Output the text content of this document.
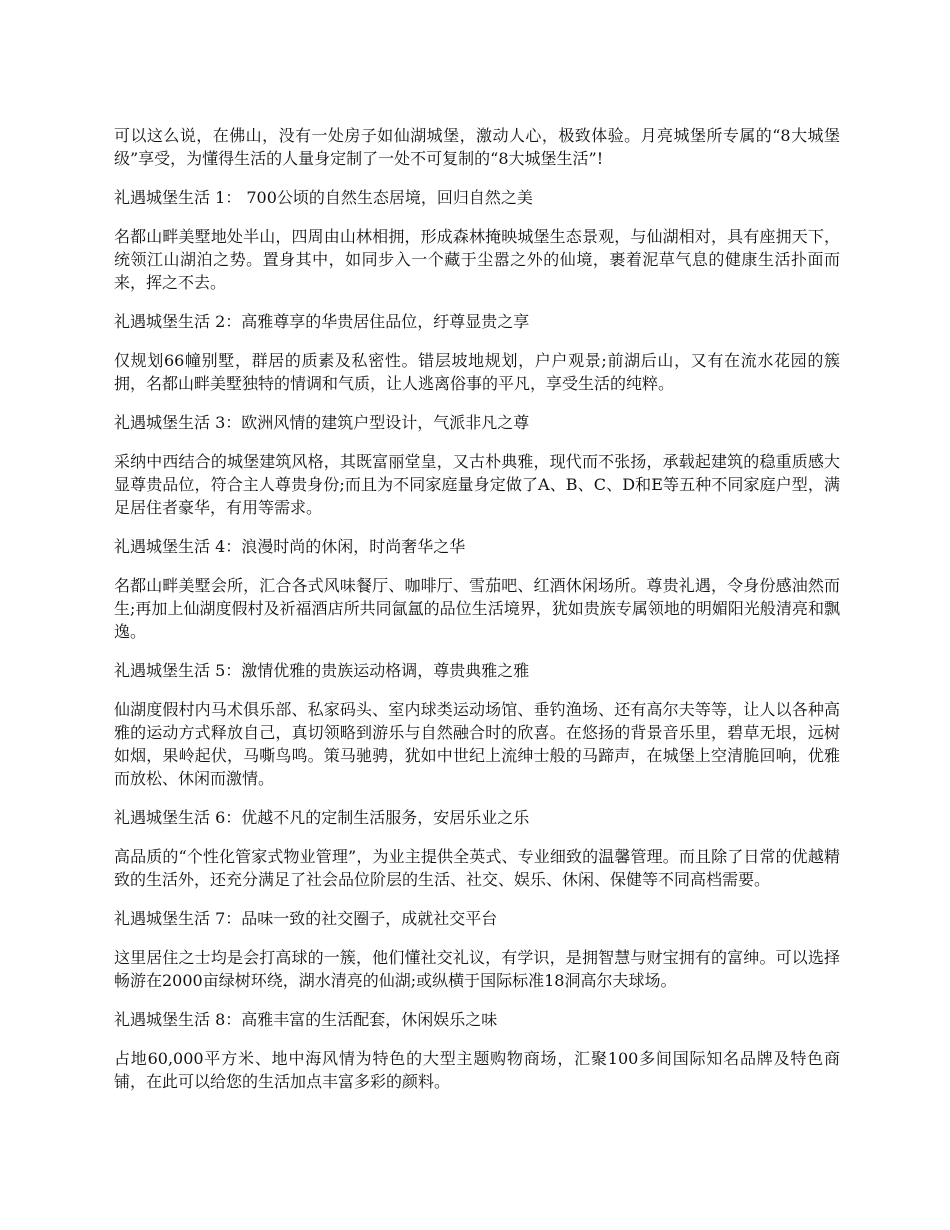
可以这么说，在佛山，没有一处房子如仙湖城堡，激动人心，极致体验。月亮城堡所专属的“8大城堡级”享受，为懂得生活的人量身定制了一处不可复制的“8大城堡生活”!

礼遇城堡生活 1： 700公顷的自然生态居境，回归自然之美

名都山畔美墅地处半山，四周由山林相拥，形成森林掩映城堡生态景观，与仙湖相对，具有座拥天下，统领江山湖泊之势。置身其中，如同步入一个藏于尘嚣之外的仙境，裹着泥草气息的健康生活扑面而来，挥之不去。

礼遇城堡生活 2：高雅尊享的华贵居住品位，纡尊显贵之享

仅规划66幢别墅，群居的质素及私密性。错层坡地规划，户户观景;前湖后山，又有在流水花园的簇拥，名都山畔美墅独特的情调和气质，让人逃离俗事的平凡，享受生活的纯粹。

礼遇城堡生活 3：欧洲风情的建筑户型设计，气派非凡之尊

采纳中西结合的城堡建筑风格，其既富丽堂皇，又古朴典雅，现代而不张扬，承载起建筑的稳重质感大显尊贵品位，符合主人尊贵身份;而且为不同家庭量身定做了A、B、C、D和E等五种不同家庭户型，满足居住者豪华，有用等需求。

礼遇城堡生活 4：浪漫时尚的休闲，时尚奢华之华

名都山畔美墅会所，汇合各式风味餐厅、咖啡厅、雪茄吧、红酒休闲场所。尊贵礼遇，令身份感油然而生;再加上仙湖度假村及祈福酒店所共同氤氲的品位生活境界，犹如贵族专属领地的明媚阳光般清亮和飘逸。

礼遇城堡生活 5：激情优雅的贵族运动格调，尊贵典雅之雅

仙湖度假村内马术俱乐部、私家码头、室内球类运动场馆、垂钓渔场、还有高尔夫等等，让人以各种高雅的运动方式释放自己，真切领略到游乐与自然融合时的欣喜。在悠扬的背景音乐里，碧草无垠，远树如烟，果岭起伏，马嘶鸟鸣。策马驰骋，犹如中世纪上流绅士般的马蹄声，在城堡上空清脆回响，优雅而放松、休闲而激情。

礼遇城堡生活 6：优越不凡的定制生活服务，安居乐业之乐

高品质的“个性化管家式物业管理”，为业主提供全英式、专业细致的温馨管理。而且除了日常的优越精致的生活外，还充分满足了社会品位阶层的生活、社交、娱乐、休闲、保健等不同高档需要。

礼遇城堡生活 7：品味一致的社交圈子，成就社交平台

这里居住之士均是会打高球的一簇，他们懂社交礼议，有学识，是拥智慧与财宝拥有的富绅。可以选择畅游在2000亩绿树环绕，湖水清亮的仙湖;或纵横于国际标准18洞高尔夫球场。

礼遇城堡生活 8：高雅丰富的生活配套，休闲娱乐之味

占地60,000平方米、地中海风情为特色的大型主题购物商场，汇聚100多间国际知名品牌及特色商铺，在此可以给您的生活加点丰富多彩的颜料。
